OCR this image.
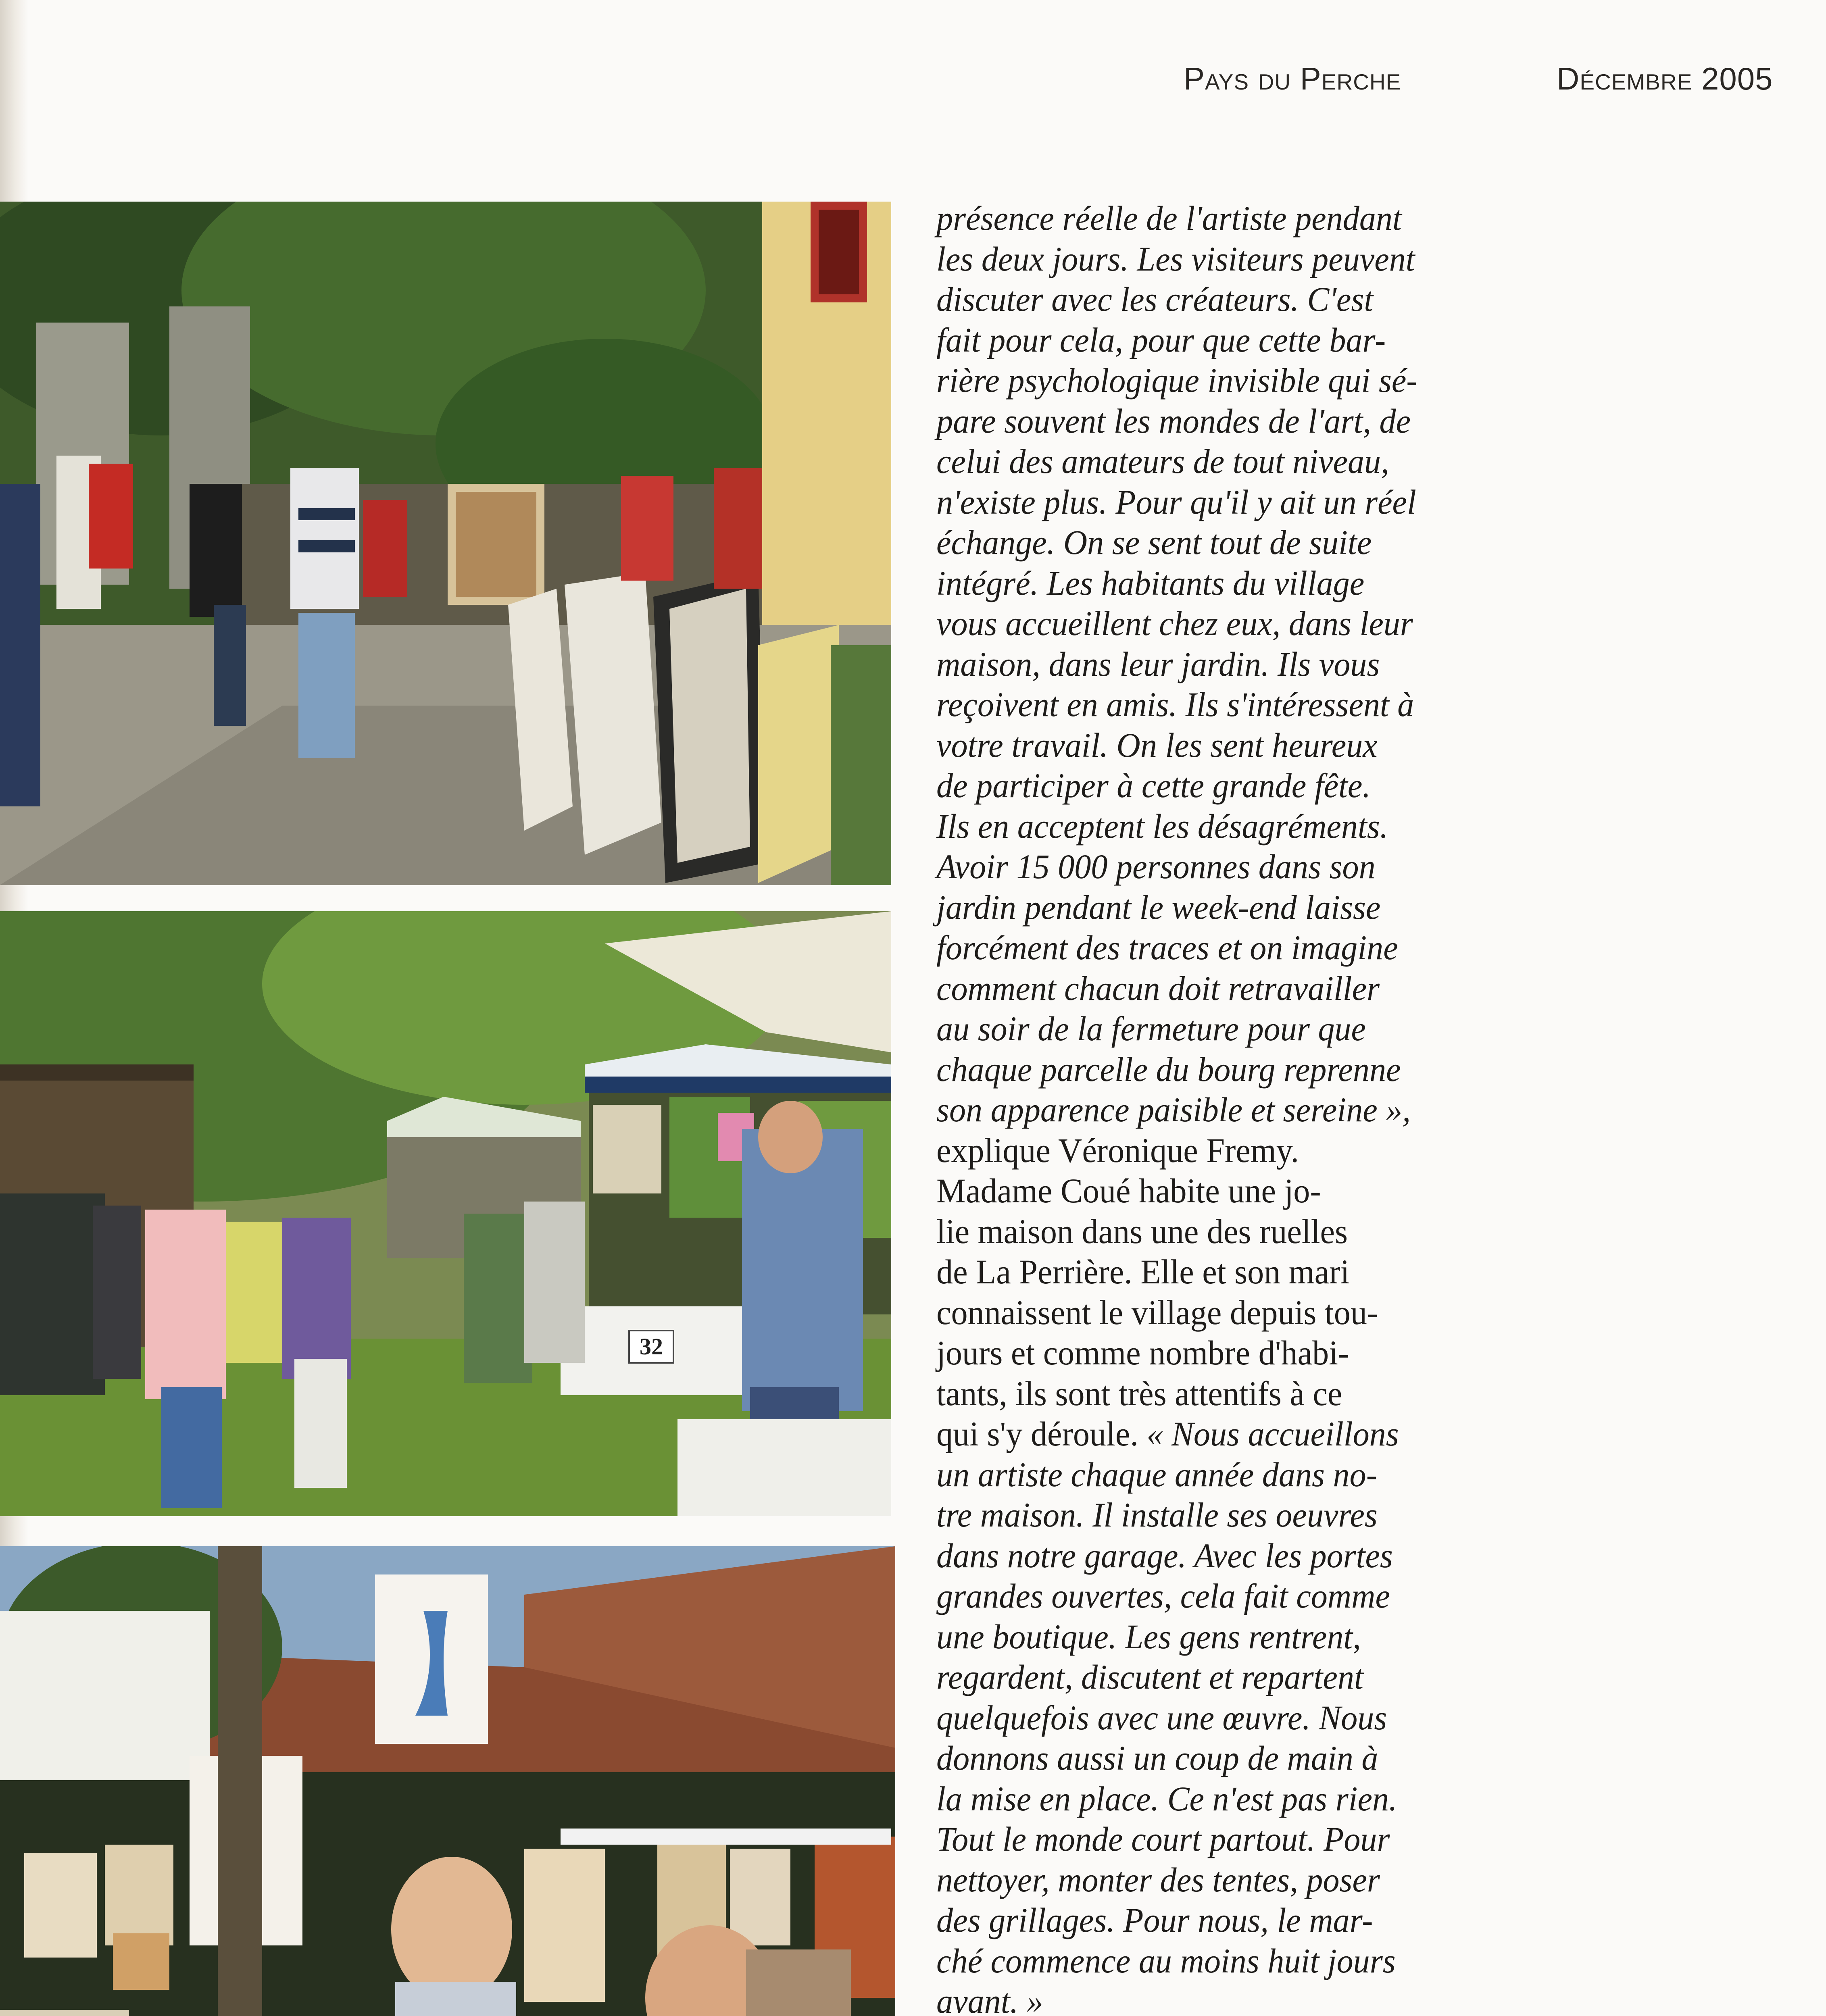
Pays du Perche	Décembre 2005
32
présence réelle de l'artiste pendant
les deux jours. Les visiteurs peuvent
discuter avec les créateurs. C'est
fait pour cela, pour que cette bar-
rière psychologique invisible qui sé-
pare souvent les mondes de l'art, de
celui des amateurs de tout niveau,
n'existe plus. Pour qu'il y ait un réel
échange. On se sent tout de suite
intégré. Les habitants du village
vous accueillent chez eux, dans leur
maison, dans leur jardin. Ils vous
reçoivent en amis. Ils s'intéressent à
votre travail. On les sent heureux
de participer à cette grande fête.
Ils en acceptent les désagréments.
Avoir 15 000 personnes dans son
jardin pendant le week-end laisse
forcément des traces et on imagine
comment chacun doit retravailler
au soir de la fermeture pour que
chaque parcelle du bourg reprenne
son apparence paisible et sereine »,
explique Véronique Fremy.
Madame Coué habite une jo-
lie maison dans une des ruelles
de La Perrière. Elle et son mari
connaissent le village depuis tou-
jours et comme nombre d'habi-
tants, ils sont très attentifs à ce
qui s'y déroule. « Nous accueillons
un artiste chaque année dans no-
tre maison. Il installe ses oeuvres
dans notre garage. Avec les portes
grandes ouvertes, cela fait comme
une boutique. Les gens rentrent,
regardent, discutent et repartent
quelquefois avec une œuvre. Nous
donnons aussi un coup de main à
la mise en place. Ce n'est pas rien.
Tout le monde court partout. Pour
nettoyer, monter des tentes, poser
des grillages. Pour nous, le mar-
ché commence au moins huit jours
avant. »
